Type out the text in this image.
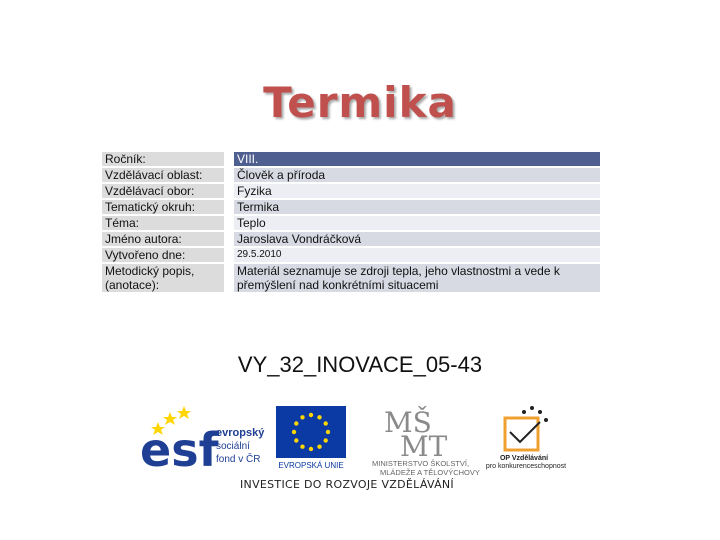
Termika
Ročník:		VIII.
Vzdělávací oblast:		Člověk a příroda
Vzdělávací obor:		Fyzika
Tematický okruh:		Termika
Téma:		Teplo
Jméno autora:		Jaroslava Vondráčková
Vytvořeno dne:		29.5.2010
Metodický popis, (anotace):		Materiál seznamuje se zdroji tepla, jeho vlastnostmi a vede k přemýšlení nad konkrétními situacemi
VY_32_INOVACE_05-43
esf
evropský
sociální
fond v ČR
EVROPSKÁ UNIE
MŠ
MT
MINISTERSTVO ŠKOLSTVÍ,
MLÁDEŽE A TĚLOVÝCHOVY
OP Vzdělávání
pro konkurenceschopnost
INVESTICE DO ROZVOJE VZDĚLÁVÁNÍ
